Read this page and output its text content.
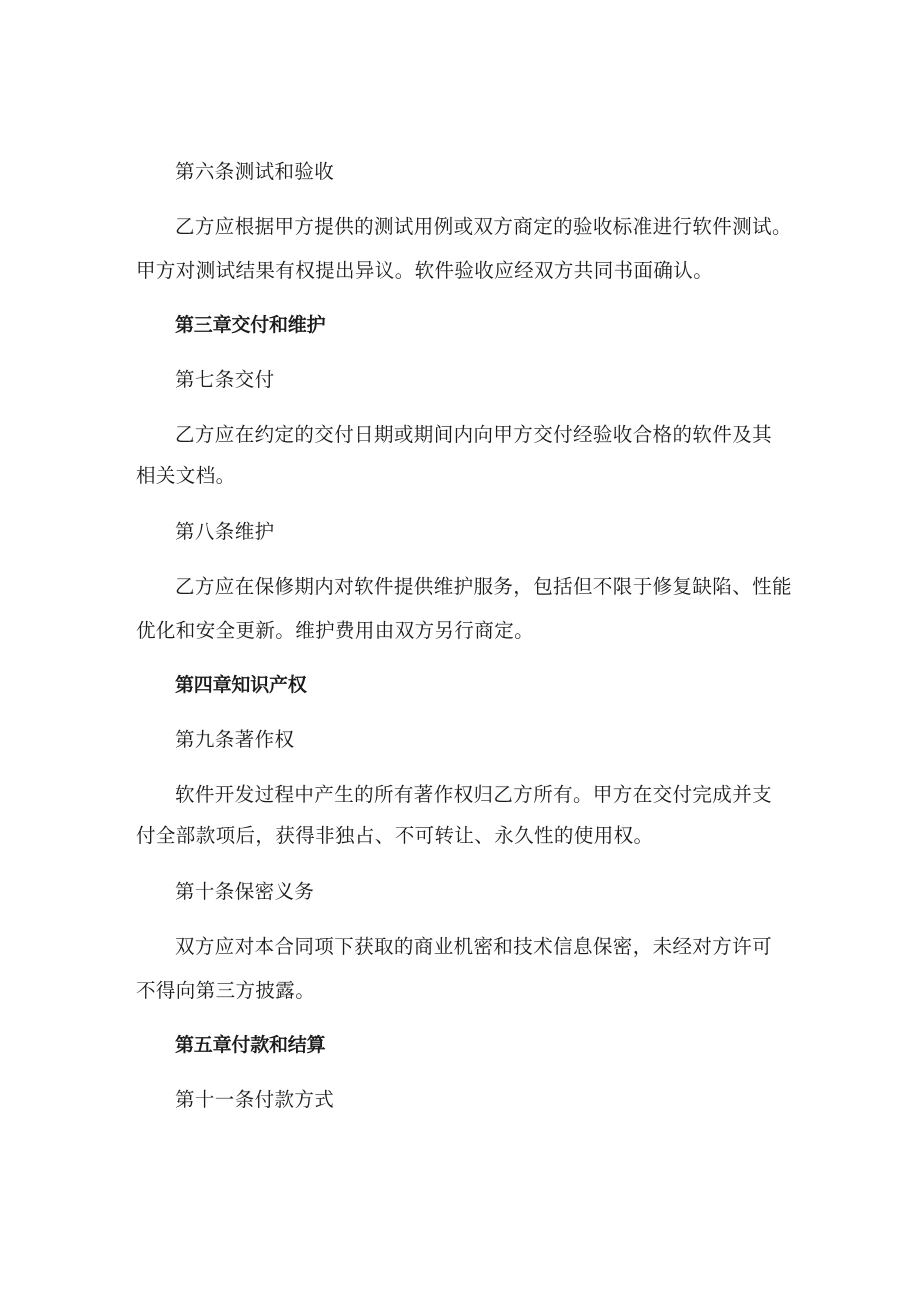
第六条测试和验收
乙方应根据甲方提供的测试用例或双方商定的验收标准进行软件测试。
甲方对测试结果有权提出异议。软件验收应经双方共同书面确认。
第三章交付和维护
第七条交付
乙方应在约定的交付日期或期间内向甲方交付经验收合格的软件及其
相关文档。
第八条维护
乙方应在保修期内对软件提供维护服务，包括但不限于修复缺陷、性能
优化和安全更新。维护费用由双方另行商定。
第四章知识产权
第九条著作权
软件开发过程中产生的所有著作权归乙方所有。甲方在交付完成并支
付全部款项后，获得非独占、不可转让、永久性的使用权。
第十条保密义务
双方应对本合同项下获取的商业机密和技术信息保密，未经对方许可
不得向第三方披露。
第五章付款和结算
第十一条付款方式
